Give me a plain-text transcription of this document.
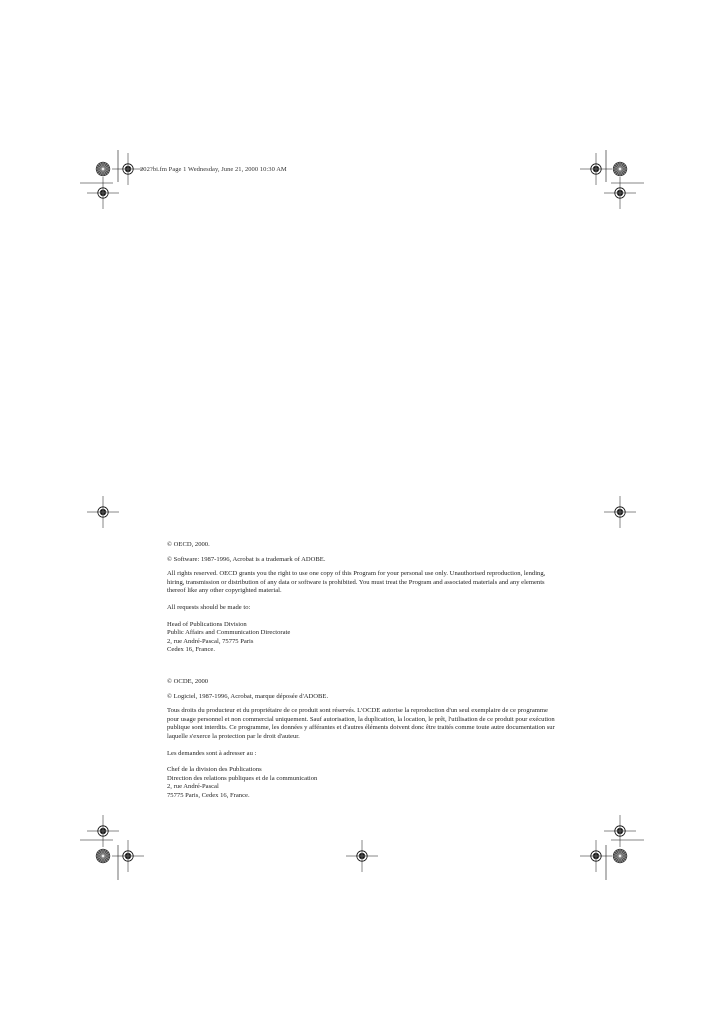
202?bi.fm Page 1 Wednesday, June 21, 2000 10:30 AM

© OECD, 2000.

© Software: 1987-1996, Acrobat is a trademark of ADOBE.

All rights reserved. OECD grants you the right to use one copy of this Program for your personal use only. Unauthorised reproduction, lending, hiring, transmission or distribution of any data or software is prohibited. You must treat the Program and associated materials and any elements thereof like any other copyrighted material.

All requests should be made to:

Head of Publications Division
Public Affairs and Communication Directorate
2, rue André-Pascal, 75775 Paris
Cedex 16, France.

© OCDE, 2000

© Logiciel, 1987-1996, Acrobat, marque déposée d'ADOBE.

Tous droits du producteur et du propriétaire de ce produit sont réservés. L'OCDE autorise la reproduction d'un seul exemplaire de ce programme pour usage personnel et non commercial uniquement. Sauf autorisation, la duplication, la location, le prêt, l'utilisation de ce produit pour exécution publique sont interdits. Ce programme, les données y afférantes et d'autres éléments doivent donc être traités comme toute autre documentation sur laquelle s'exerce la protection par le droit d'auteur.

Les demandes sont à adresser au :

Chef de la division des Publications
Direction des relations publiques et de la communication
2, rue André-Pascal
75775 Paris, Cedex 16, France.
